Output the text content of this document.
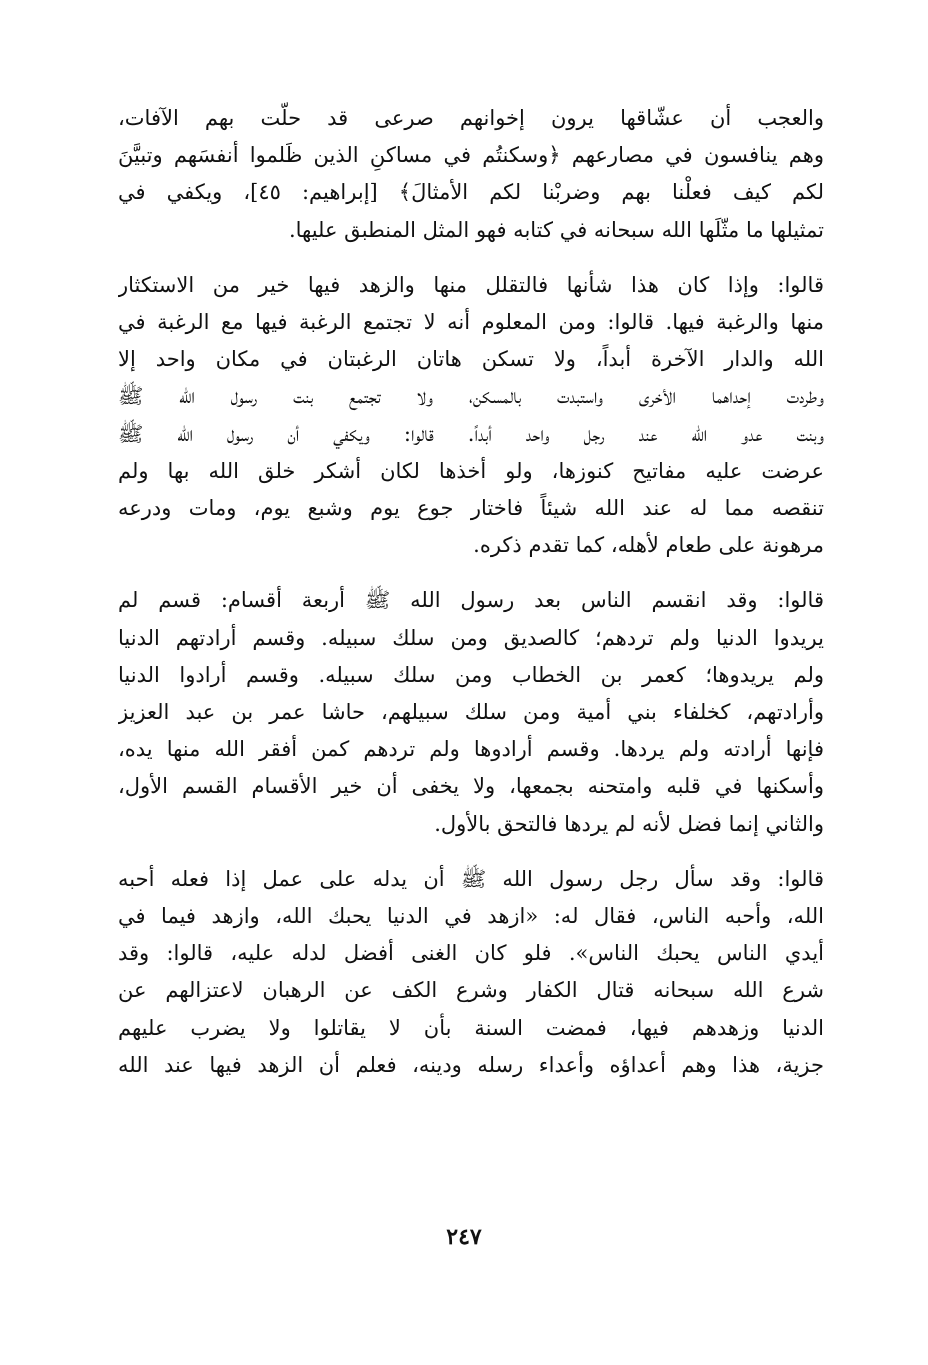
والعجب أن عشّاقها يرون إخوانهم صرعى قد حلّت بهم الآفات،
وهم ينافسون في مصارعهم ﴿وسكنتُم في مساكنِ الذين ظَلموا أنفسَهم وتبيَّنَ
لكم كيف فعلْنا بهم وضربْنا لكم الأمثالَ﴾ [إبراهيم: ٤٥]، ويكفي في
تمثيلها ما مثّلَها الله سبحانه في كتابه فهو المثل المنطبق عليها.

قالوا: وإذا كان هذا شأنها فالتقلل منها والزهد فيها خير من الاستكثار
منها والرغبة فيها. قالوا: ومن المعلوم أنه لا تجتمع الرغبة فيها مع الرغبة في
الله والدار الآخرة أبداً، ولا تسكن هاتان الرغبتان في مكان واحد إلا
وطردت إحداهما الأخرى واستبدت بالمسكن، ولا تجتمع بنت رسول الله ﷺ
وبنت عدو الله عند رجل واحد أبداً. قالوا: ويكفي أن رسول الله ﷺ
عرضت عليه مفاتيح كنوزها، ولو أخذها لكان أشكر خلق الله بها ولم
تنقصه مما له عند الله شيئاً فاختار جوع يوم وشبع يوم، ومات ودرعه
مرهونة على طعام لأهله، كما تقدم ذكره.

قالوا: وقد انقسم الناس بعد رسول الله ﷺ أربعة أقسام: قسم لم
يريدوا الدنيا ولم تردهم؛ كالصديق ومن سلك سبيله. وقسم أرادتهم الدنيا
ولم يريدوها؛ كعمر بن الخطاب ومن سلك سبيله. وقسم أرادوا الدنيا
وأرادتهم، كخلفاء بني أمية ومن سلك سبيلهم، حاشا عمر بن عبد العزيز
فإنها أرادته ولم يردها. وقسم أرادوها ولم تردهم كمن أفقر الله منها يده،
وأسكنها في قلبه وامتحنه بجمعها، ولا يخفى أن خير الأقسام القسم الأول،
والثاني إنما فضل لأنه لم يردها فالتحق بالأول.

قالوا: وقد سأل رجل رسول الله ﷺ أن يدله على عمل إذا فعله أحبه
الله، وأحبه الناس، فقال له: «ازهد في الدنيا يحبك الله، وازهد فيما في
أيدي الناس يحبك الناس». فلو كان الغنى أفضل لدله عليه، قالوا: وقد
شرع الله سبحانه قتال الكفار وشرع الكف عن الرهبان لاعتزالهم عن
الدنيا وزهدهم فيها، فمضت السنة بأن لا يقاتلوا ولا يضرب عليهم
جزية، هذا وهم أعداؤه وأعداء رسله ودينه، فعلم أن الزهد فيها عند الله

٢٤٧
